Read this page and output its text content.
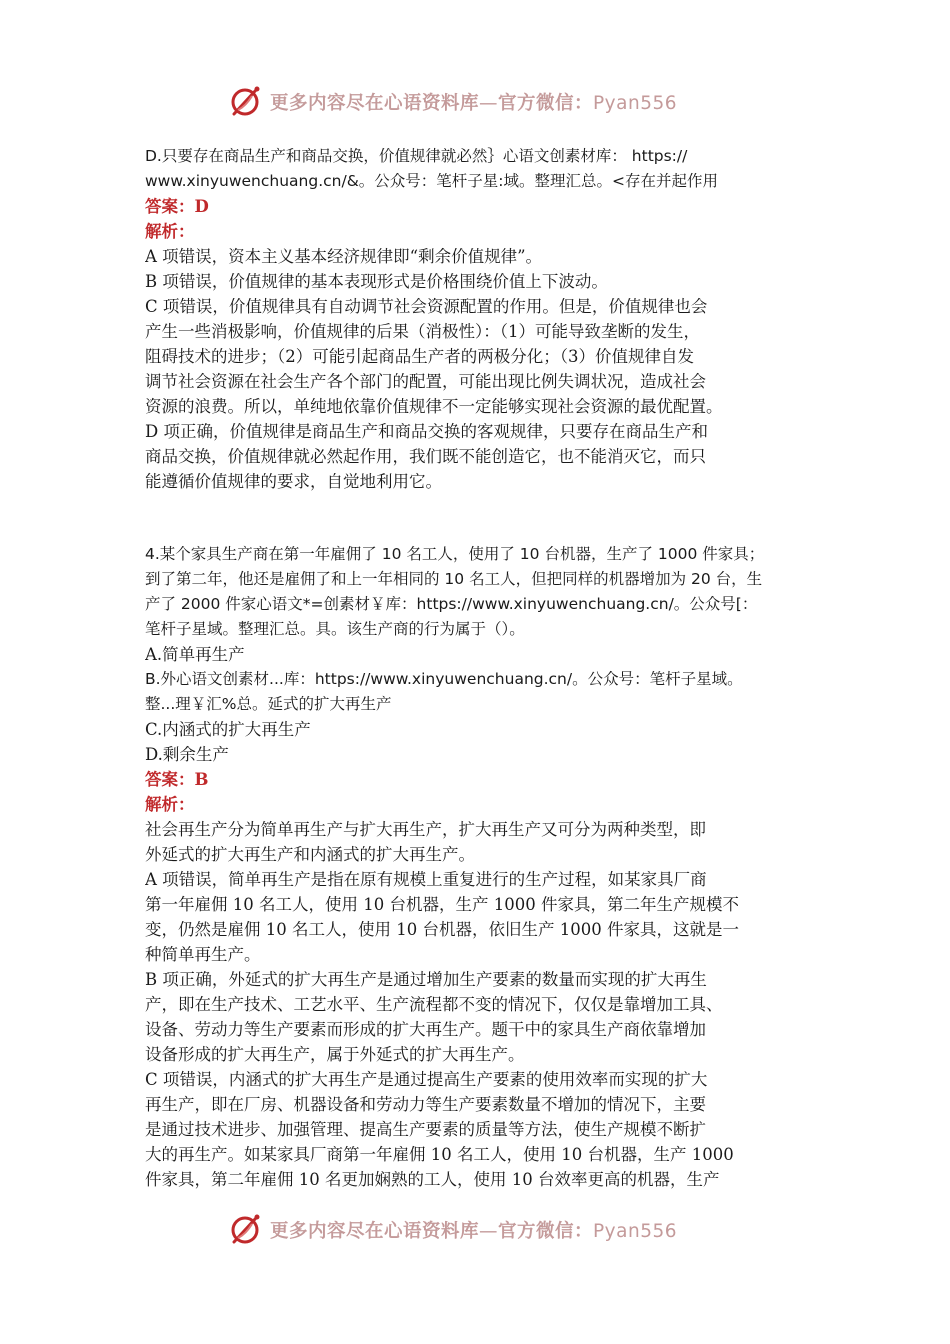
更多内容尽在心语资料库—官方微信：Pyan556
D.只要存在商品生产和商品交换，价值规律就必然｝心语文创素材库： https://
www.xinyuwenchuang.cn/&。公众号：笔杆子星:域。整理汇总。<存在并起作用
答案：D
解析：
A 项错误，资本主义基本经济规律即“剩余价值规律”。
B 项错误，价值规律的基本表现形式是价格围绕价值上下波动。
C 项错误，价值规律具有自动调节社会资源配置的作用。但是，价值规律也会
产生一些消极影响，价值规律的后果（消极性）：（1）可能导致垄断的发生，
阻碍技术的进步；（2）可能引起商品生产者的两极分化；（3）价值规律自发
调节社会资源在社会生产各个部门的配置，可能出现比例失调状况，造成社会
资源的浪费。所以，单纯地依靠价值规律不一定能够实现社会资源的最优配置。
D 项正确，价值规律是商品生产和商品交换的客观规律，只要存在商品生产和
商品交换，价值规律就必然起作用，我们既不能创造它，也不能消灭它，而只
能遵循价值规律的要求，自觉地利用它。
4.某个家具生产商在第一年雇佣了 10 名工人，使用了 10 台机器，生产了 1000 件家具；
到了第二年，他还是雇佣了和上一年相同的 10 名工人，但把同样的机器增加为 20 台，生
产了 2000 件家心语文*=创素材￥库：https://www.xinyuwenchuang.cn/。公众号[：
笔杆子星域。整理汇总。具。该生产商的行为属于（）。
A.简单再生产
B.外心语文创素材...库：https://www.xinyuwenchuang.cn/。公众号：笔杆子星域。
整...理￥汇%总。延式的扩大再生产
C.内涵式的扩大再生产
D.剩余生产
答案：B
解析：
社会再生产分为简单再生产与扩大再生产，扩大再生产又可分为两种类型，即
外延式的扩大再生产和内涵式的扩大再生产。
A 项错误，简单再生产是指在原有规模上重复进行的生产过程，如某家具厂商
第一年雇佣 10 名工人，使用 10 台机器，生产 1000 件家具，第二年生产规模不
变，仍然是雇佣 10 名工人，使用 10 台机器，依旧生产 1000 件家具，这就是一
种简单再生产。
B 项正确，外延式的扩大再生产是通过增加生产要素的数量而实现的扩大再生
产，即在生产技术、工艺水平、生产流程都不变的情况下，仅仅是靠增加工具、
设备、劳动力等生产要素而形成的扩大再生产。题干中的家具生产商依靠增加
设备形成的扩大再生产，属于外延式的扩大再生产。
C 项错误，内涵式的扩大再生产是通过提高生产要素的使用效率而实现的扩大
再生产，即在厂房、机器设备和劳动力等生产要素数量不增加的情况下，主要
是通过技术进步、加强管理、提高生产要素的质量等方法，使生产规模不断扩
大的再生产。如某家具厂商第一年雇佣 10 名工人，使用 10 台机器，生产 1000
件家具，第二年雇佣 10 名更加娴熟的工人，使用 10 台效率更高的机器，生产
更多内容尽在心语资料库—官方微信：Pyan556
